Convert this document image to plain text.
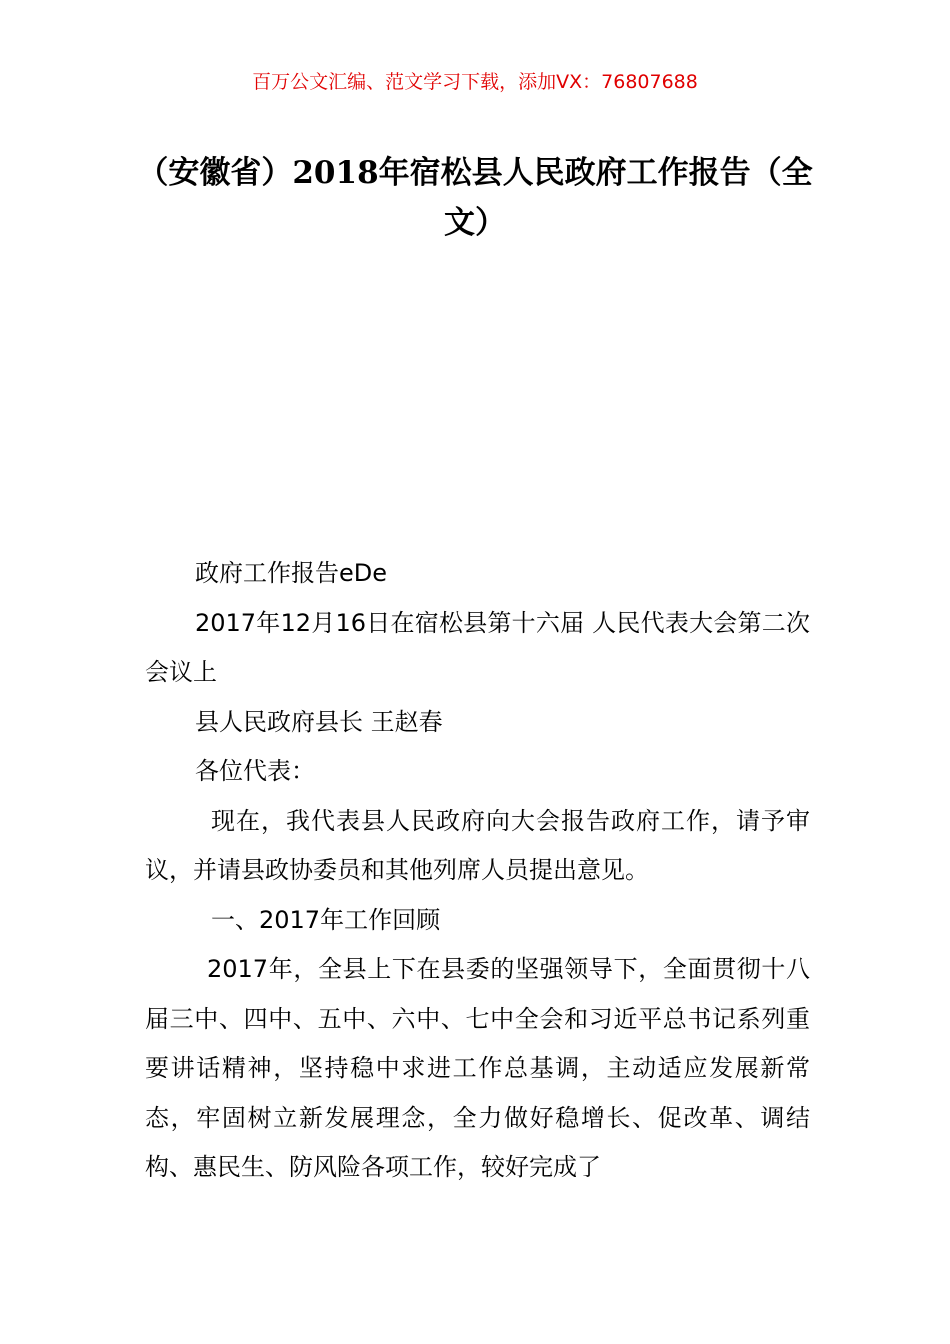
百万公文汇编、范文学习下载，添加VX：76807688
（安徽省）2018年宿松县人民政府工作报告（全文）

政府工作报告eDe

2017年12月16日在宿松县第十六届 人民代表大会第二次会议上

县人民政府县长 王赵春

各位代表：

现在，我代表县人民政府向大会报告政府工作，请予审议，并请县政协委员和其他列席人员提出意见。

一、2017年工作回顾

2017年，全县上下在县委的坚强领导下，全面贯彻十八届三中、四中、五中、六中、七中全会和习近平总书记系列重要讲话精神，坚持稳中求进工作总基调，主动适应发展新常态，牢固树立新发展理念，全力做好稳增长、促改革、调结构、惠民生、防风险各项工作，较好完成了
